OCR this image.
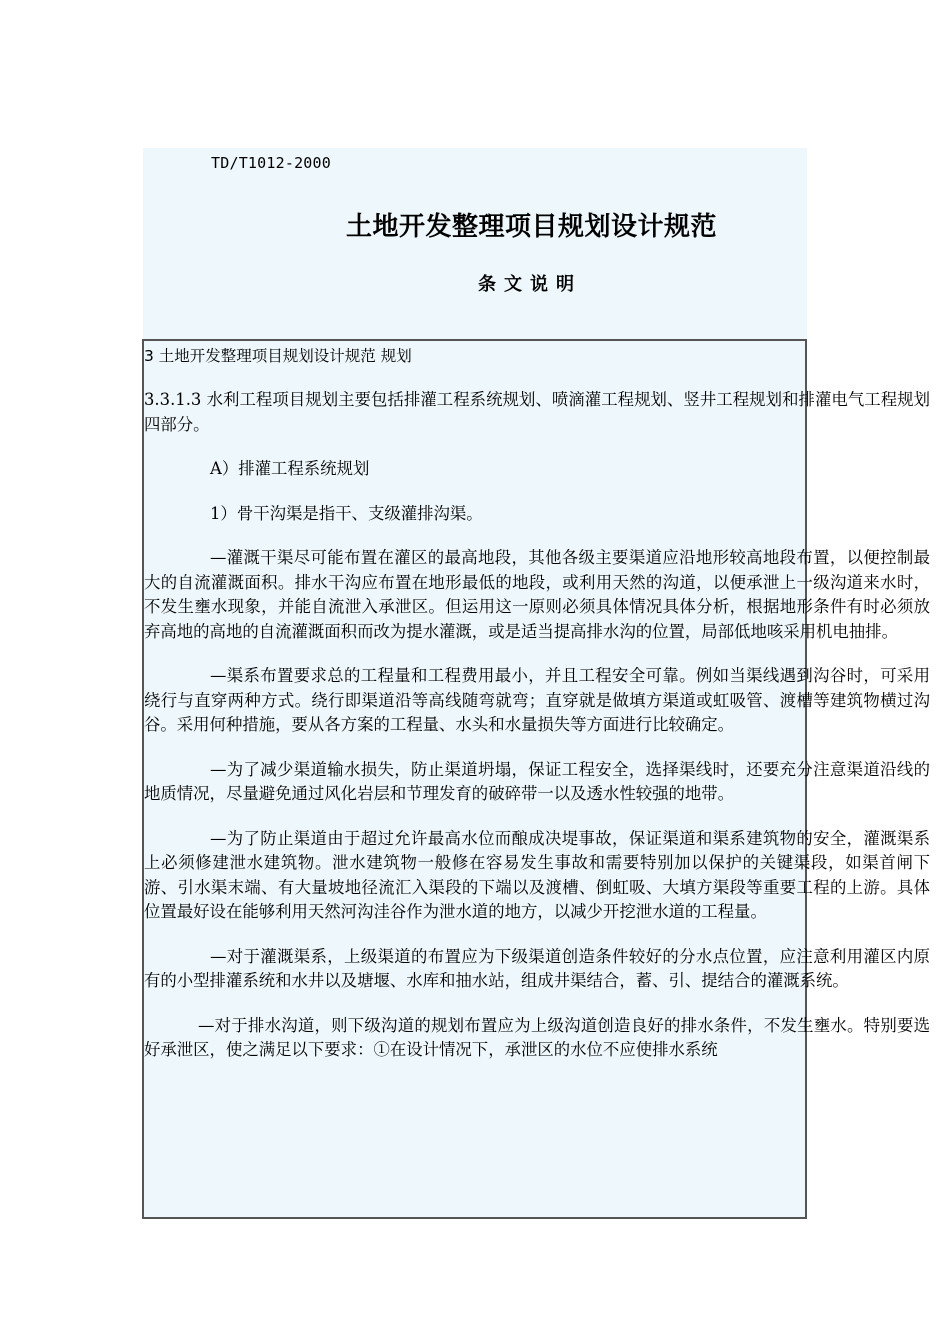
TD/T1012-2000
土地开发整理项目规划设计规范
条文说明

3 土地开发整理项目规划设计规范 规划

3.3.1.3 水利工程项目规划主要包括排灌工程系统规划、喷滴灌工程规划、竖井工程规划和排灌电气工程规划四部分。

A）排灌工程系统规划

1）骨干沟渠是指干、支级灌排沟渠。

—灌溉干渠尽可能布置在灌区的最高地段，其他各级主要渠道应沿地形较高地段布置，以便控制最大的自流灌溉面积。排水干沟应布置在地形最低的地段，或利用天然的沟道，以便承泄上一级沟道来水时，不发生壅水现象，并能自流泄入承泄区。但运用这一原则必须具体情况具体分析，根据地形条件有时必须放弃高地的高地的自流灌溉面积而改为提水灌溉，或是适当提高排水沟的位置，局部低地咳采用机电抽排。

—渠系布置要求总的工程量和工程费用最小，并且工程安全可靠。例如当渠线遇到沟谷时，可采用绕行与直穿两种方式。绕行即渠道沿等高线随弯就弯；直穿就是做填方渠道或虹吸管、渡槽等建筑物横过沟谷。采用何种措施，要从各方案的工程量、水头和水量损失等方面进行比较确定。

—为了减少渠道输水损失，防止渠道坍塌，保证工程安全，选择渠线时，还要充分注意渠道沿线的地质情况，尽量避免通过风化岩层和节理发育的破碎带一以及透水性较强的地带。

—为了防止渠道由于超过允许最高水位而酿成决堤事故，保证渠道和渠系建筑物的安全，灌溉渠系上必须修建泄水建筑物。泄水建筑物一般修在容易发生事故和需要特别加以保护的关键渠段，如渠首闸下游、引水渠末端、有大量坡地径流汇入渠段的下端以及渡槽、倒虹吸、大填方渠段等重要工程的上游。具体位置最好设在能够利用天然河沟洼谷作为泄水道的地方，以减少开挖泄水道的工程量。

—对于灌溉渠系，上级渠道的布置应为下级渠道创造条件较好的分水点位置，应注意利用灌区内原有的小型排灌系统和水井以及塘堰、水库和抽水站，组成井渠结合，蓄、引、提结合的灌溉系统。

—对于排水沟道，则下级沟道的规划布置应为上级沟道创造良好的排水条件，不发生壅水。特别要选好承泄区，使之满足以下要求：①在设计情况下，承泄区的水位不应使排水系统
